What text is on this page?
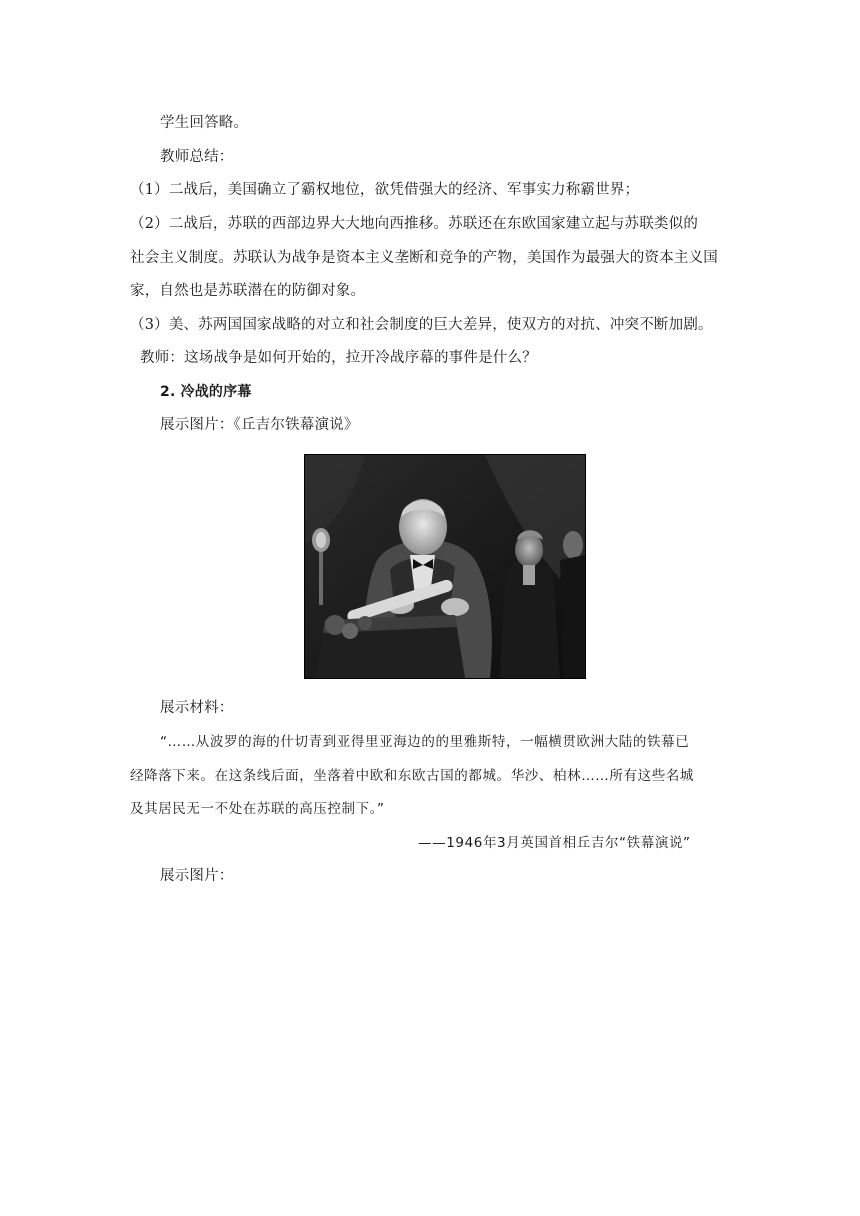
学生回答略。
教师总结：
（1）二战后，美国确立了霸权地位，欲凭借强大的经济、军事实力称霸世界；
（2）二战后，苏联的西部边界大大地向西推移。苏联还在东欧国家建立起与苏联类似的
社会主义制度。苏联认为战争是资本主义垄断和竞争的产物，美国作为最强大的资本主义国
家，自然也是苏联潜在的防御对象。
（3）美、苏两国国家战略的对立和社会制度的巨大差异，使双方的对抗、冲突不断加剧。
教师：这场战争是如何开始的，拉开冷战序幕的事件是什么？
2. 冷战的序幕
展示图片：《丘吉尔铁幕演说》
展示材料：
“……从波罗的海的什切青到亚得里亚海边的的里雅斯特，一幅横贯欧洲大陆的铁幕已
经降落下来。在这条线后面，坐落着中欧和东欧古国的都城。华沙、柏林……所有这些名城
及其居民无一不处在苏联的高压控制下。”
——1946年3月英国首相丘吉尔“铁幕演说”
展示图片：
